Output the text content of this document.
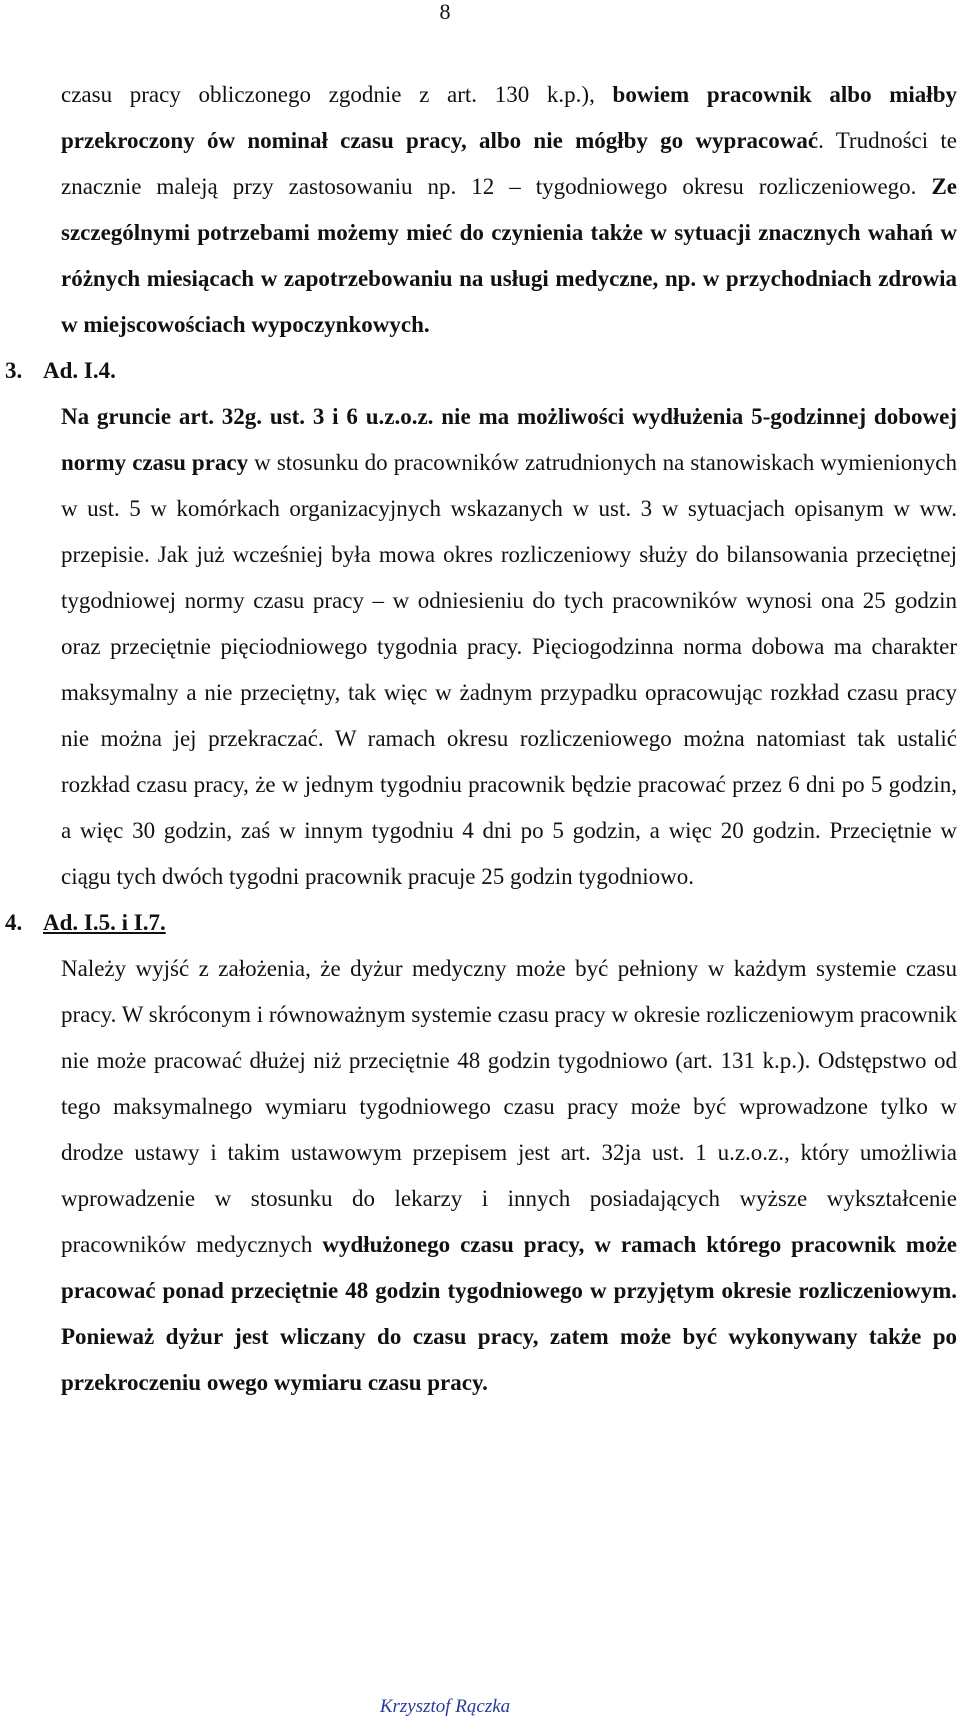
8

czasu pracy obliczonego zgodnie z art. 130 k.p.), bowiem pracownik albo miałby przekroczony ów nominał czasu pracy, albo nie mógłby go wypracować. Trudności te znacznie maleją przy zastosowaniu np. 12 – tygodniowego okresu rozliczeniowego. Ze szczególnymi potrzebami możemy mieć do czynienia także w sytuacji znacznych wahań w różnych miesiącach w zapotrzebowaniu na usługi medyczne, np. w przychodniach zdrowia w miejscowościach wypoczynkowych.

3. Ad. I.4.

Na gruncie art. 32g. ust. 3 i 6 u.z.o.z. nie ma możliwości wydłużenia 5-godzinnej dobowej normy czasu pracy w stosunku do pracowników zatrudnionych na stanowiskach wymienionych w ust. 5 w komórkach organizacyjnych wskazanych w ust. 3 w sytuacjach opisanym w ww. przepisie. Jak już wcześniej była mowa okres rozliczeniowy służy do bilansowania przeciętnej tygodniowej normy czasu pracy – w odniesieniu do tych pracowników wynosi ona 25 godzin oraz przeciętnie pięciodniowego tygodnia pracy. Pięciogodzinna norma dobowa ma charakter maksymalny a nie przeciętny, tak więc w żadnym przypadku opracowując rozkład czasu pracy nie można jej przekraczać. W ramach okresu rozliczeniowego można natomiast tak ustalić rozkład czasu pracy, że w jednym tygodniu pracownik będzie pracować przez 6 dni po 5 godzin, a więc 30 godzin, zaś w innym tygodniu 4 dni po 5 godzin, a więc 20 godzin. Przeciętnie w ciągu tych dwóch tygodni pracownik pracuje 25 godzin tygodniowo.

4. Ad. I.5. i I.7.

Należy wyjść z założenia, że dyżur medyczny może być pełniony w każdym systemie czasu pracy. W skróconym i równoważnym systemie czasu pracy w okresie rozliczeniowym pracownik nie może pracować dłużej niż przeciętnie 48 godzin tygodniowo (art. 131 k.p.). Odstępstwo od tego maksymalnego wymiaru tygodniowego czasu pracy może być wprowadzone tylko w drodze ustawy i takim ustawowym przepisem jest art. 32ja ust. 1 u.z.o.z., który umożliwia wprowadzenie w stosunku do lekarzy i innych posiadających wyższe wykształcenie pracowników medycznych wydłużonego czasu pracy, w ramach którego pracownik może pracować ponad przeciętnie 48 godzin tygodniowego w przyjętym okresie rozliczeniowym. Ponieważ dyżur jest wliczany do czasu pracy, zatem może być wykonywany także po przekroczeniu owego wymiaru czasu pracy.

Krzysztof Rączka
